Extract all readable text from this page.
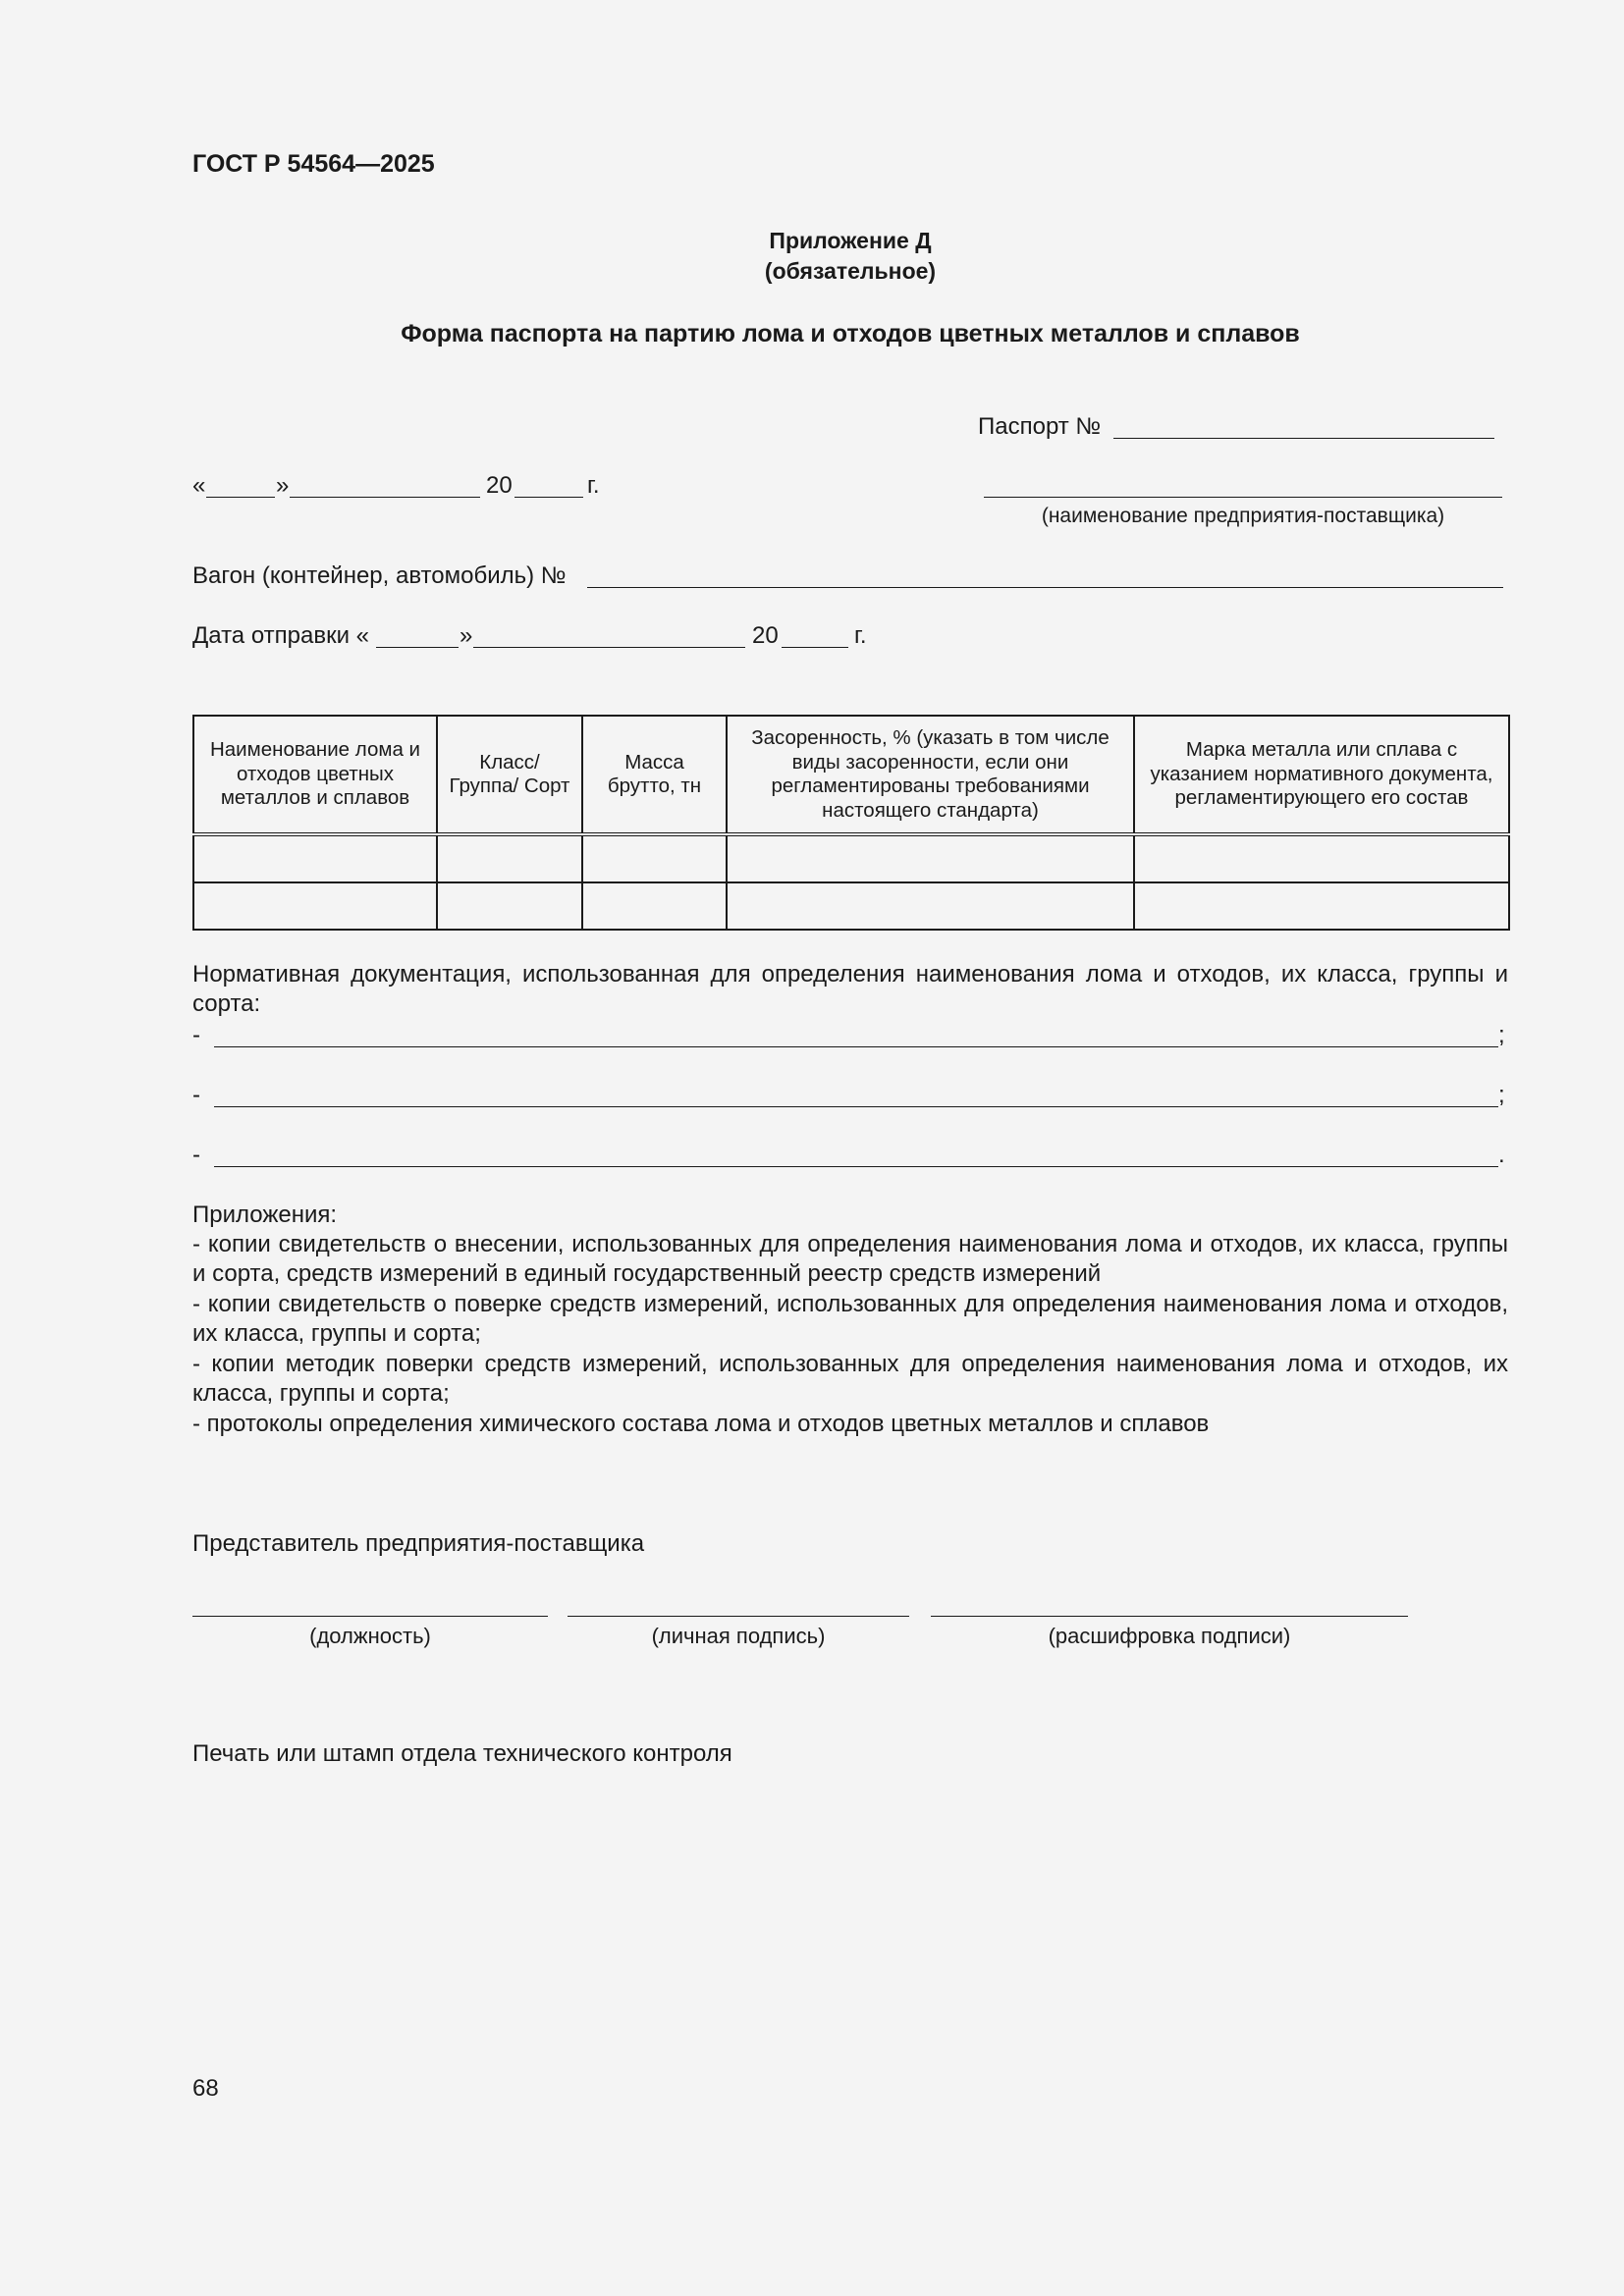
ГОСТ Р 54564—2025
Приложение Д
(обязательное)
Форма паспорта на партию лома и отходов цветных металлов и сплавов
Паспорт №
«	»	20	г.
(наименование предприятия-поставщика)
Вагон (контейнер, автомобиль) №
Дата отправки «	»	20	г.
Наименование лома и отходов цветных металлов и сплавов	Класс/ Группа/ Сорт	Масса брутто, тн	Засоренность, % (указать в том числе виды засоренности, если они регламентированы требованиями настоящего стандарта)	Марка металла или сплава с указанием нормативного документа, регламентирующего его состав

Нормативная документация, использованная для определения наименования лома и отходов, их класса, группы и сорта:
-	;
-	;
-	.
Приложения:
- копии свидетельств о внесении, использованных для определения наименования лома и отходов, их класса, группы и сорта, средств измерений в единый государственный реестр средств измерений
- копии свидетельств о поверке средств измерений, использованных для определения наименования лома и отходов, их класса, группы и сорта;
- копии методик поверки средств измерений, использованных для определения наименования лома и отходов, их класса, группы и сорта;
- протоколы определения химического состава лома и отходов цветных металлов и сплавов
Представитель предприятия-поставщика
(должность)	(личная подпись)	(расшифровка подписи)
Печать или штамп отдела технического контроля
68
